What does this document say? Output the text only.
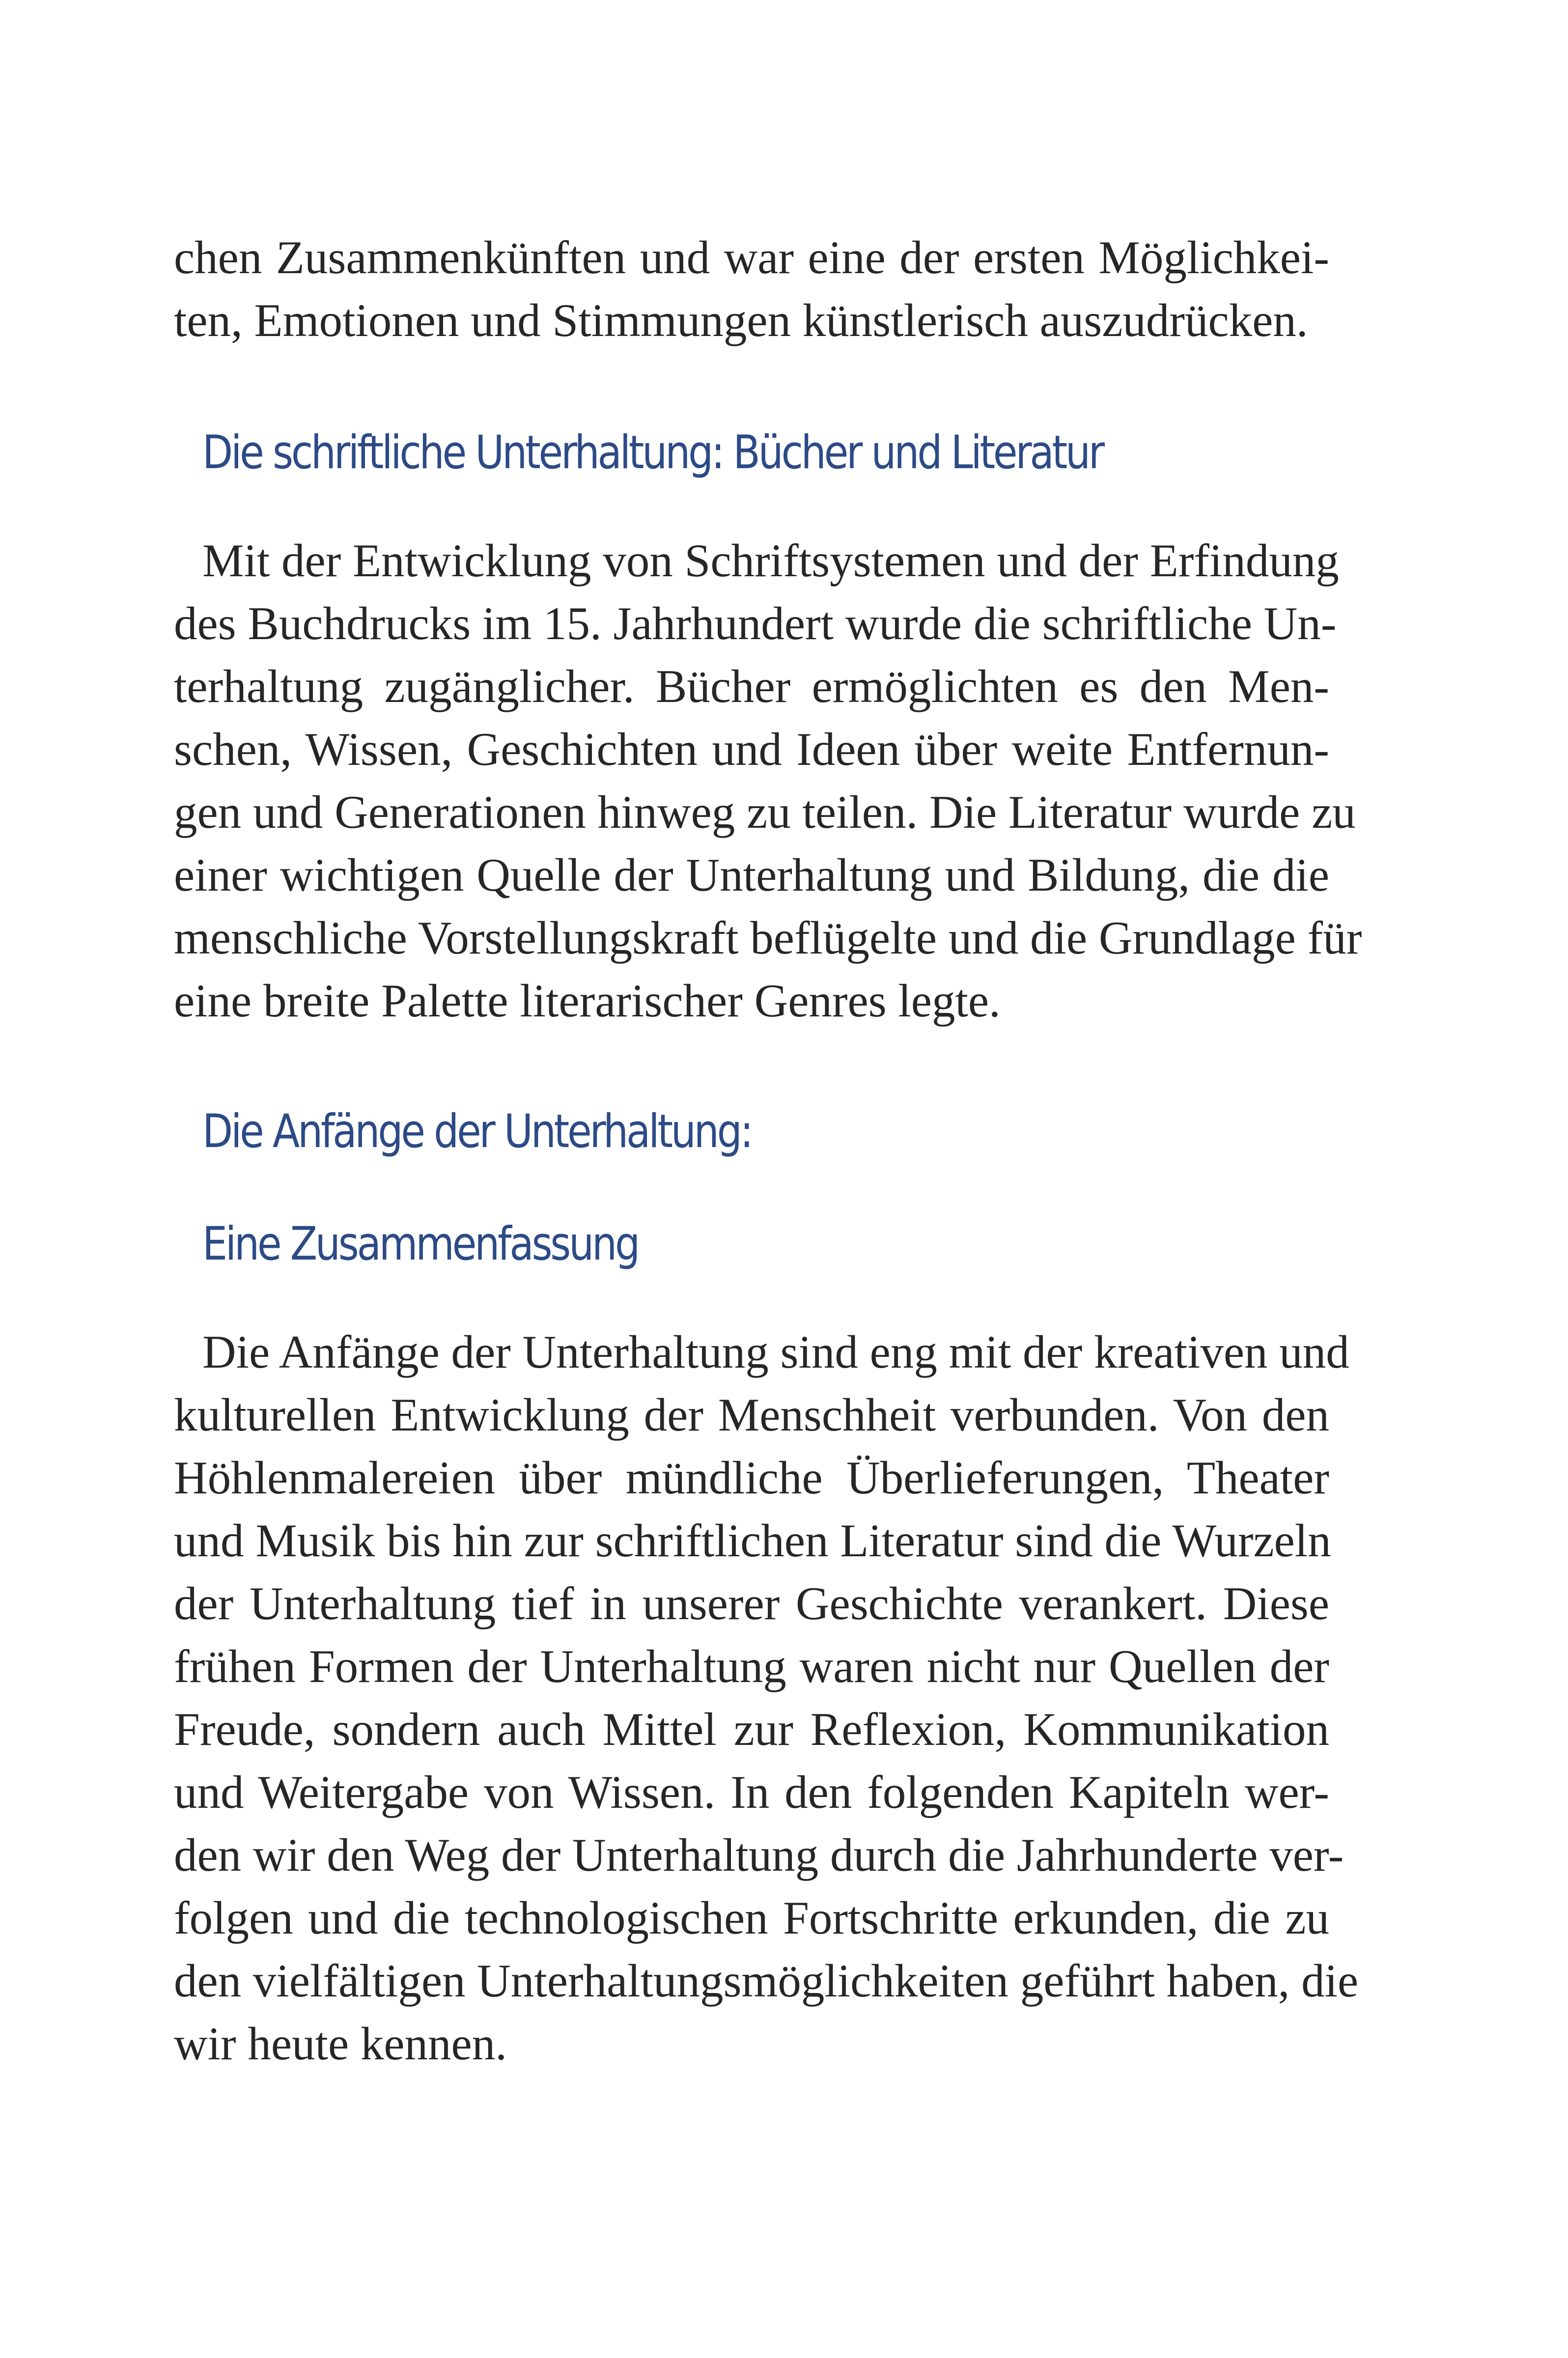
chen Zusammenkünften und war eine der ersten Möglichkei-
ten, Emotionen und Stimmungen künstlerisch auszudrücken.
Die schriftliche Unterhaltung: Bücher und Literatur
Mit der Entwicklung von Schriftsystemen und der Erfindung
des Buchdrucks im 15. Jahrhundert wurde die schriftliche Un-
terhaltung zugänglicher. Bücher ermöglichten es den Men-
schen, Wissen, Geschichten und Ideen über weite Entfernun-
gen und Generationen hinweg zu teilen. Die Literatur wurde zu
einer wichtigen Quelle der Unterhaltung und Bildung, die die
menschliche Vorstellungskraft beflügelte und die Grundlage für
eine breite Palette literarischer Genres legte.
Die Anfänge der Unterhaltung:
Eine Zusammenfassung
Die Anfänge der Unterhaltung sind eng mit der kreativen und
kulturellen Entwicklung der Menschheit verbunden. Von den
Höhlenmalereien über mündliche Überlieferungen, Theater
und Musik bis hin zur schriftlichen Literatur sind die Wurzeln
der Unterhaltung tief in unserer Geschichte verankert. Diese
frühen Formen der Unterhaltung waren nicht nur Quellen der
Freude, sondern auch Mittel zur Reflexion, Kommunikation
und Weitergabe von Wissen. In den folgenden Kapiteln wer-
den wir den Weg der Unterhaltung durch die Jahrhunderte ver-
folgen und die technologischen Fortschritte erkunden, die zu
den vielfältigen Unterhaltungsmöglichkeiten geführt haben, die
wir heute kennen.
